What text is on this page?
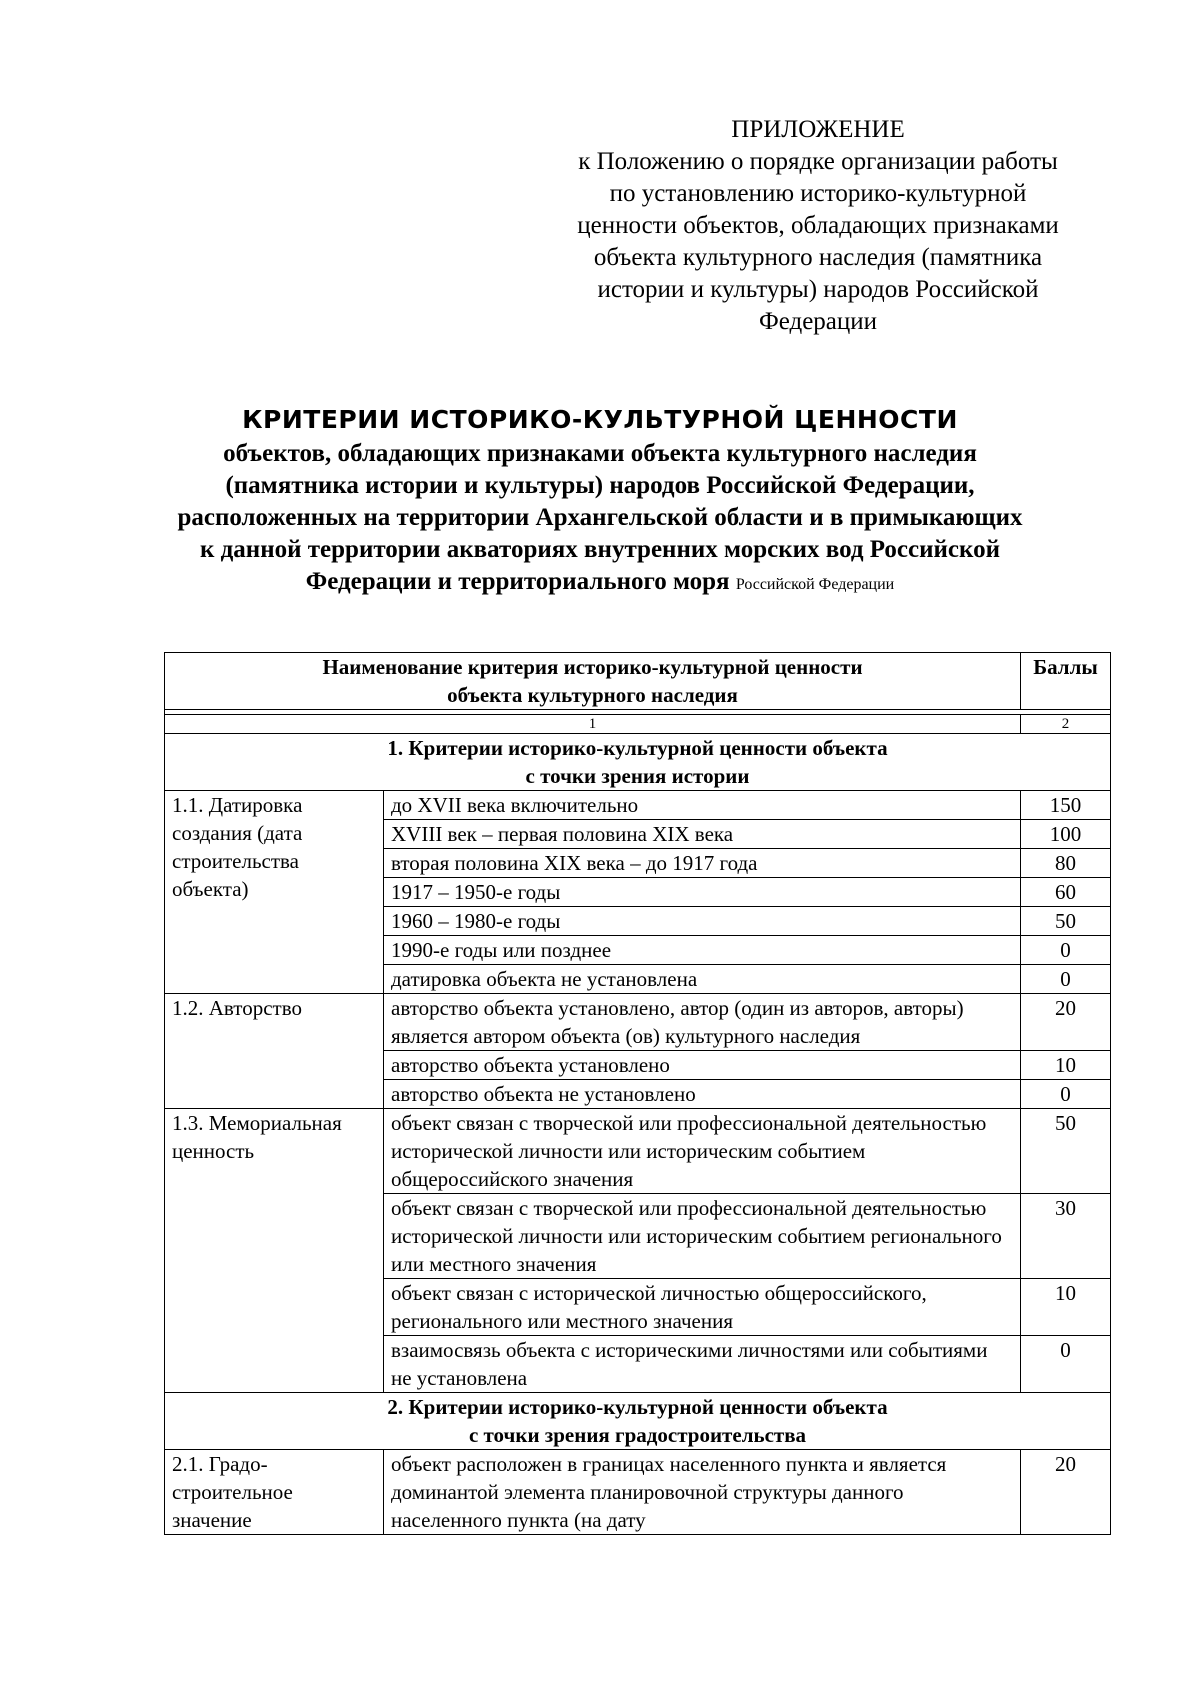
ПРИЛОЖЕНИЕ
к Положению о порядке организации работы
по установлению историко-культурной
ценности объектов, обладающих признаками
объекта культурного наследия (памятника
истории и культуры) народов Российской
Федерации
КРИТЕРИИ ИСТОРИКО-КУЛЬТУРНОЙ ЦЕННОСТИ
объектов, обладающих признаками объекта культурного наследия
(памятника истории и культуры) народов Российской Федерации,
расположенных на территории Архангельской области и в примыкающих
к данной территории акваториях внутренних морских вод Российской
Федерации и территориального моря Российской Федерации
Наименование критерия историко-культурной ценности
объекта культурного наследия		Баллы

1		2
1. Критерии историко-культурной ценности объекта
с точки зрения истории		
1.1. Датировка создания (дата строительства объекта)	до XVII века включительно	150
	XVIII век – первая половина XIX века	100
	вторая половина XIX века – до 1917 года	80
	1917 – 1950-е годы	60
	1960 – 1980-е годы	50
	1990-е годы или позднее	0
	датировка объекта не установлена	0
1.2. Авторство	авторство объекта установлено, автор (один из авторов, авторы) является автором объекта (ов) культурного наследия	20
	авторство объекта установлено	10
	авторство объекта не установлено	0
1.3. Мемориальная ценность	объект связан с творческой или профессиональной деятельностью исторической личности или историческим событием общероссийского значения	50
	объект связан с творческой или профессиональной деятельностью исторической личности или историческим событием регионального или местного значения	30
	объект связан с исторической личностью общероссийского, регионального или местного значения	10
	взаимосвязь объекта с историческими личностями или событиями не установлена	0
2. Критерии историко-культурной ценности объекта
с точки зрения градостроительства		
2.1. Градо-строительное значение	объект расположен в границах населенного пункта и является доминантой элемента планировочной структуры данного населенного пункта (на дату	20
